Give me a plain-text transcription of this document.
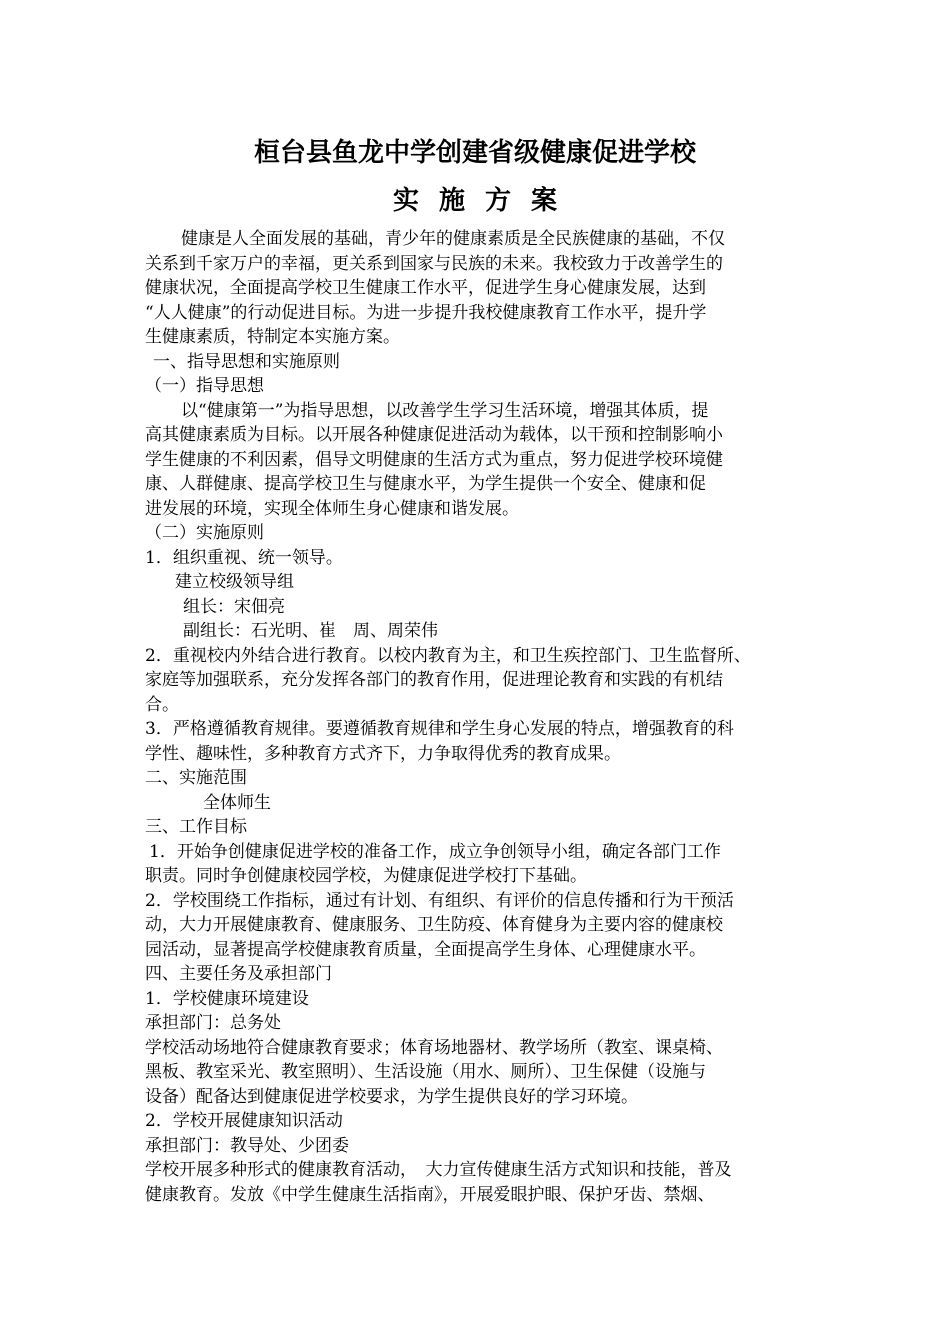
桓台县鱼龙中学创建省级健康促进学校
实施方案
健康是人全面发展的基础，青少年的健康素质是全民族健康的基础，不仅
关系到千家万户的幸福，更关系到国家与民族的未来。我校致力于改善学生的
健康状况，全面提高学校卫生健康工作水平，促进学生身心健康发展，达到
“人人健康”的行动促进目标。为进一步提升我校健康教育工作水平，提升学
生健康素质，特制定本实施方案。
一、指导思想和实施原则
（一）指导思想
以“健康第一”为指导思想，以改善学生学习生活环境，增强其体质，提
高其健康素质为目标。以开展各种健康促进活动为载体，以干预和控制影响小
学生健康的不利因素，倡导文明健康的生活方式为重点，努力促进学校环境健
康、人群健康、提高学校卫生与健康水平，为学生提供一个安全、健康和促
进发展的环境，实现全体师生身心健康和谐发展。
（二）实施原则
1．组织重视、统一领导。
建立校级领导组
组长：宋佃亮
副组长：石光明、崔　周、周荣伟
2．重视校内外结合进行教育。以校内教育为主，和卫生疾控部门、卫生监督所、
家庭等加强联系，充分发挥各部门的教育作用，促进理论教育和实践的有机结
合。
3．严格遵循教育规律。要遵循教育规律和学生身心发展的特点，增强教育的科
学性、趣味性，多种教育方式齐下，力争取得优秀的教育成果。
二、实施范围
全体师生
三、工作目标
1．开始争创健康促进学校的准备工作，成立争创领导小组，确定各部门工作
职责。同时争创健康校园学校，为健康促进学校打下基础。
2．学校围绕工作指标，通过有计划、有组织、有评价的信息传播和行为干预活
动，大力开展健康教育、健康服务、卫生防疫、体育健身为主要内容的健康校
园活动，显著提高学校健康教育质量，全面提高学生身体、心理健康水平。
四、主要任务及承担部门
1．学校健康环境建设
承担部门：总务处
学校活动场地符合健康教育要求；体育场地器材、教学场所（教室、课桌椅、
黑板、教室采光、教室照明）、生活设施（用水、厕所）、卫生保健（设施与
设备）配备达到健康促进学校要求，为学生提供良好的学习环境。
2．学校开展健康知识活动
承担部门：教导处、少团委
学校开展多种形式的健康教育活动，　大力宣传健康生活方式知识和技能，普及
健康教育。发放《中学生健康生活指南》，开展爱眼护眼、保护牙齿、禁烟、
